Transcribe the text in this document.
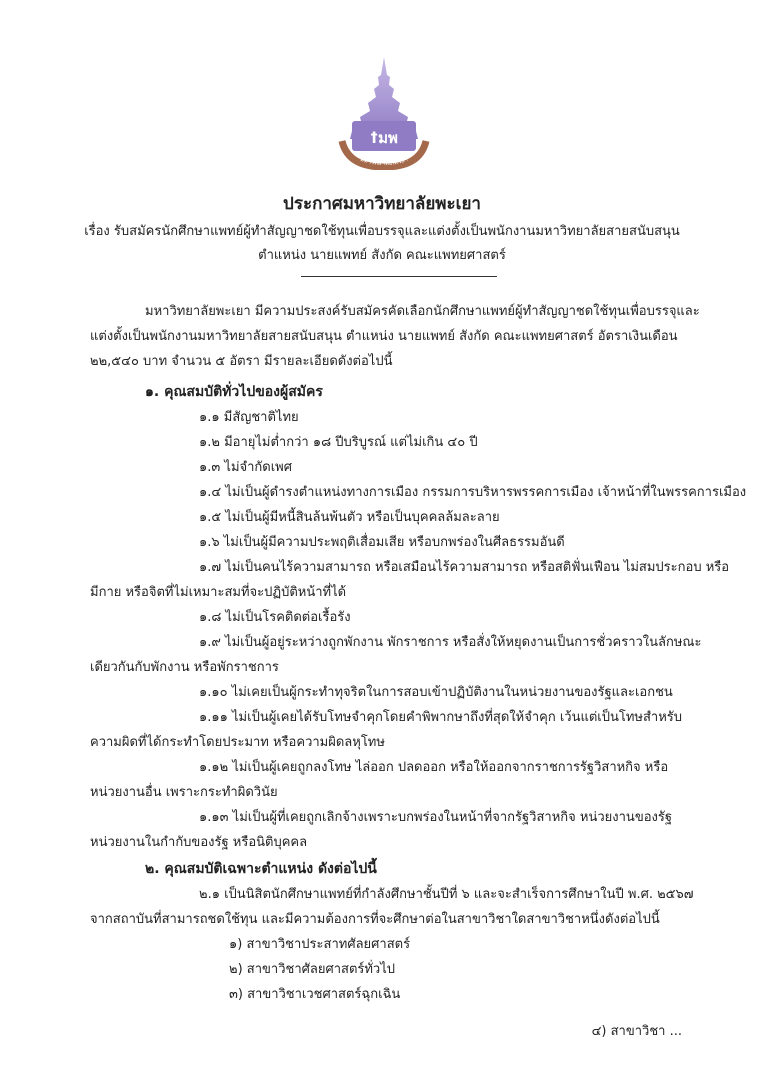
ꝉมพ
มหาวิทยาลัยพะเยา
ประกาศมหาวิทยาลัยพะเยา
เรื่อง รับสมัครนักศึกษาแพทย์ผู้ทำสัญญาชดใช้ทุนเพื่อบรรจุและแต่งตั้งเป็นพนักงานมหาวิทยาลัยสายสนับสนุน
ตำแหน่ง นายแพทย์ สังกัด คณะแพทยศาสตร์
มหาวิทยาลัยพะเยา มีความประสงค์รับสมัครคัดเลือกนักศึกษาแพทย์ผู้ทำสัญญาชดใช้ทุนเพื่อบรรจุและ
แต่งตั้งเป็นพนักงานมหาวิทยาลัยสายสนับสนุน ตำแหน่ง นายแพทย์ สังกัด คณะแพทยศาสตร์ อัตราเงินเดือน
๒๒,๕๔๐ บาท จำนวน ๕ อัตรา มีรายละเอียดดังต่อไปนี้
๑. คุณสมบัติทั่วไปของผู้สมัคร
๑.๑ มีสัญชาติไทย
๑.๒ มีอายุไม่ต่ำกว่า ๑๘ ปีบริบูรณ์ แต่ไม่เกิน ๔๐ ปี
๑.๓ ไม่จำกัดเพศ
๑.๔ ไม่เป็นผู้ดำรงตำแหน่งทางการเมือง กรรมการบริหารพรรคการเมือง เจ้าหน้าที่ในพรรคการเมือง
๑.๕ ไม่เป็นผู้มีหนี้สินล้นพ้นตัว หรือเป็นบุคคลล้มละลาย
๑.๖ ไม่เป็นผู้มีความประพฤติเสื่อมเสีย หรือบกพร่องในศีลธรรมอันดี
๑.๗ ไม่เป็นคนไร้ความสามารถ หรือเสมือนไร้ความสามารถ หรือสติฟั่นเฟือน ไม่สมประกอบ หรือ
มีกาย หรือจิตที่ไม่เหมาะสมที่จะปฏิบัติหน้าที่ได้
๑.๘ ไม่เป็นโรคติดต่อเรื้อรัง
๑.๙ ไม่เป็นผู้อยู่ระหว่างถูกพักงาน พักราชการ หรือสั่งให้หยุดงานเป็นการชั่วคราวในลักษณะ
เดียวกันกับพักงาน หรือพักราชการ
๑.๑๐ ไม่เคยเป็นผู้กระทำทุจริตในการสอบเข้าปฏิบัติงานในหน่วยงานของรัฐและเอกชน
๑.๑๑ ไม่เป็นผู้เคยได้รับโทษจำคุกโดยคำพิพากษาถึงที่สุดให้จำคุก เว้นแต่เป็นโทษสำหรับ
ความผิดที่ได้กระทำโดยประมาท หรือความผิดลหุโทษ
๑.๑๒ ไม่เป็นผู้เคยถูกลงโทษ ไล่ออก ปลดออก หรือให้ออกจากราชการรัฐวิสาหกิจ หรือ
หน่วยงานอื่น เพราะกระทำผิดวินัย
๑.๑๓ ไม่เป็นผู้ที่เคยถูกเลิกจ้างเพราะบกพร่องในหน้าที่จากรัฐวิสาหกิจ หน่วยงานของรัฐ
หน่วยงานในกำกับของรัฐ หรือนิติบุคคล
๒. คุณสมบัติเฉพาะตำแหน่ง ดังต่อไปนี้
๒.๑ เป็นนิสิตนักศึกษาแพทย์ที่กำลังศึกษาชั้นปีที่ ๖ และจะสำเร็จการศึกษาในปี พ.ศ. ๒๕๖๗
จากสถาบันที่สามารถชดใช้ทุน และมีความต้องการที่จะศึกษาต่อในสาขาวิชาใดสาขาวิชาหนึ่งดังต่อไปนี้
๑) สาขาวิชาประสาทศัลยศาสตร์
๒) สาขาวิชาศัลยศาสตร์ทั่วไป
๓) สาขาวิชาเวชศาสตร์ฉุกเฉิน
๔) สาขาวิชา ...
